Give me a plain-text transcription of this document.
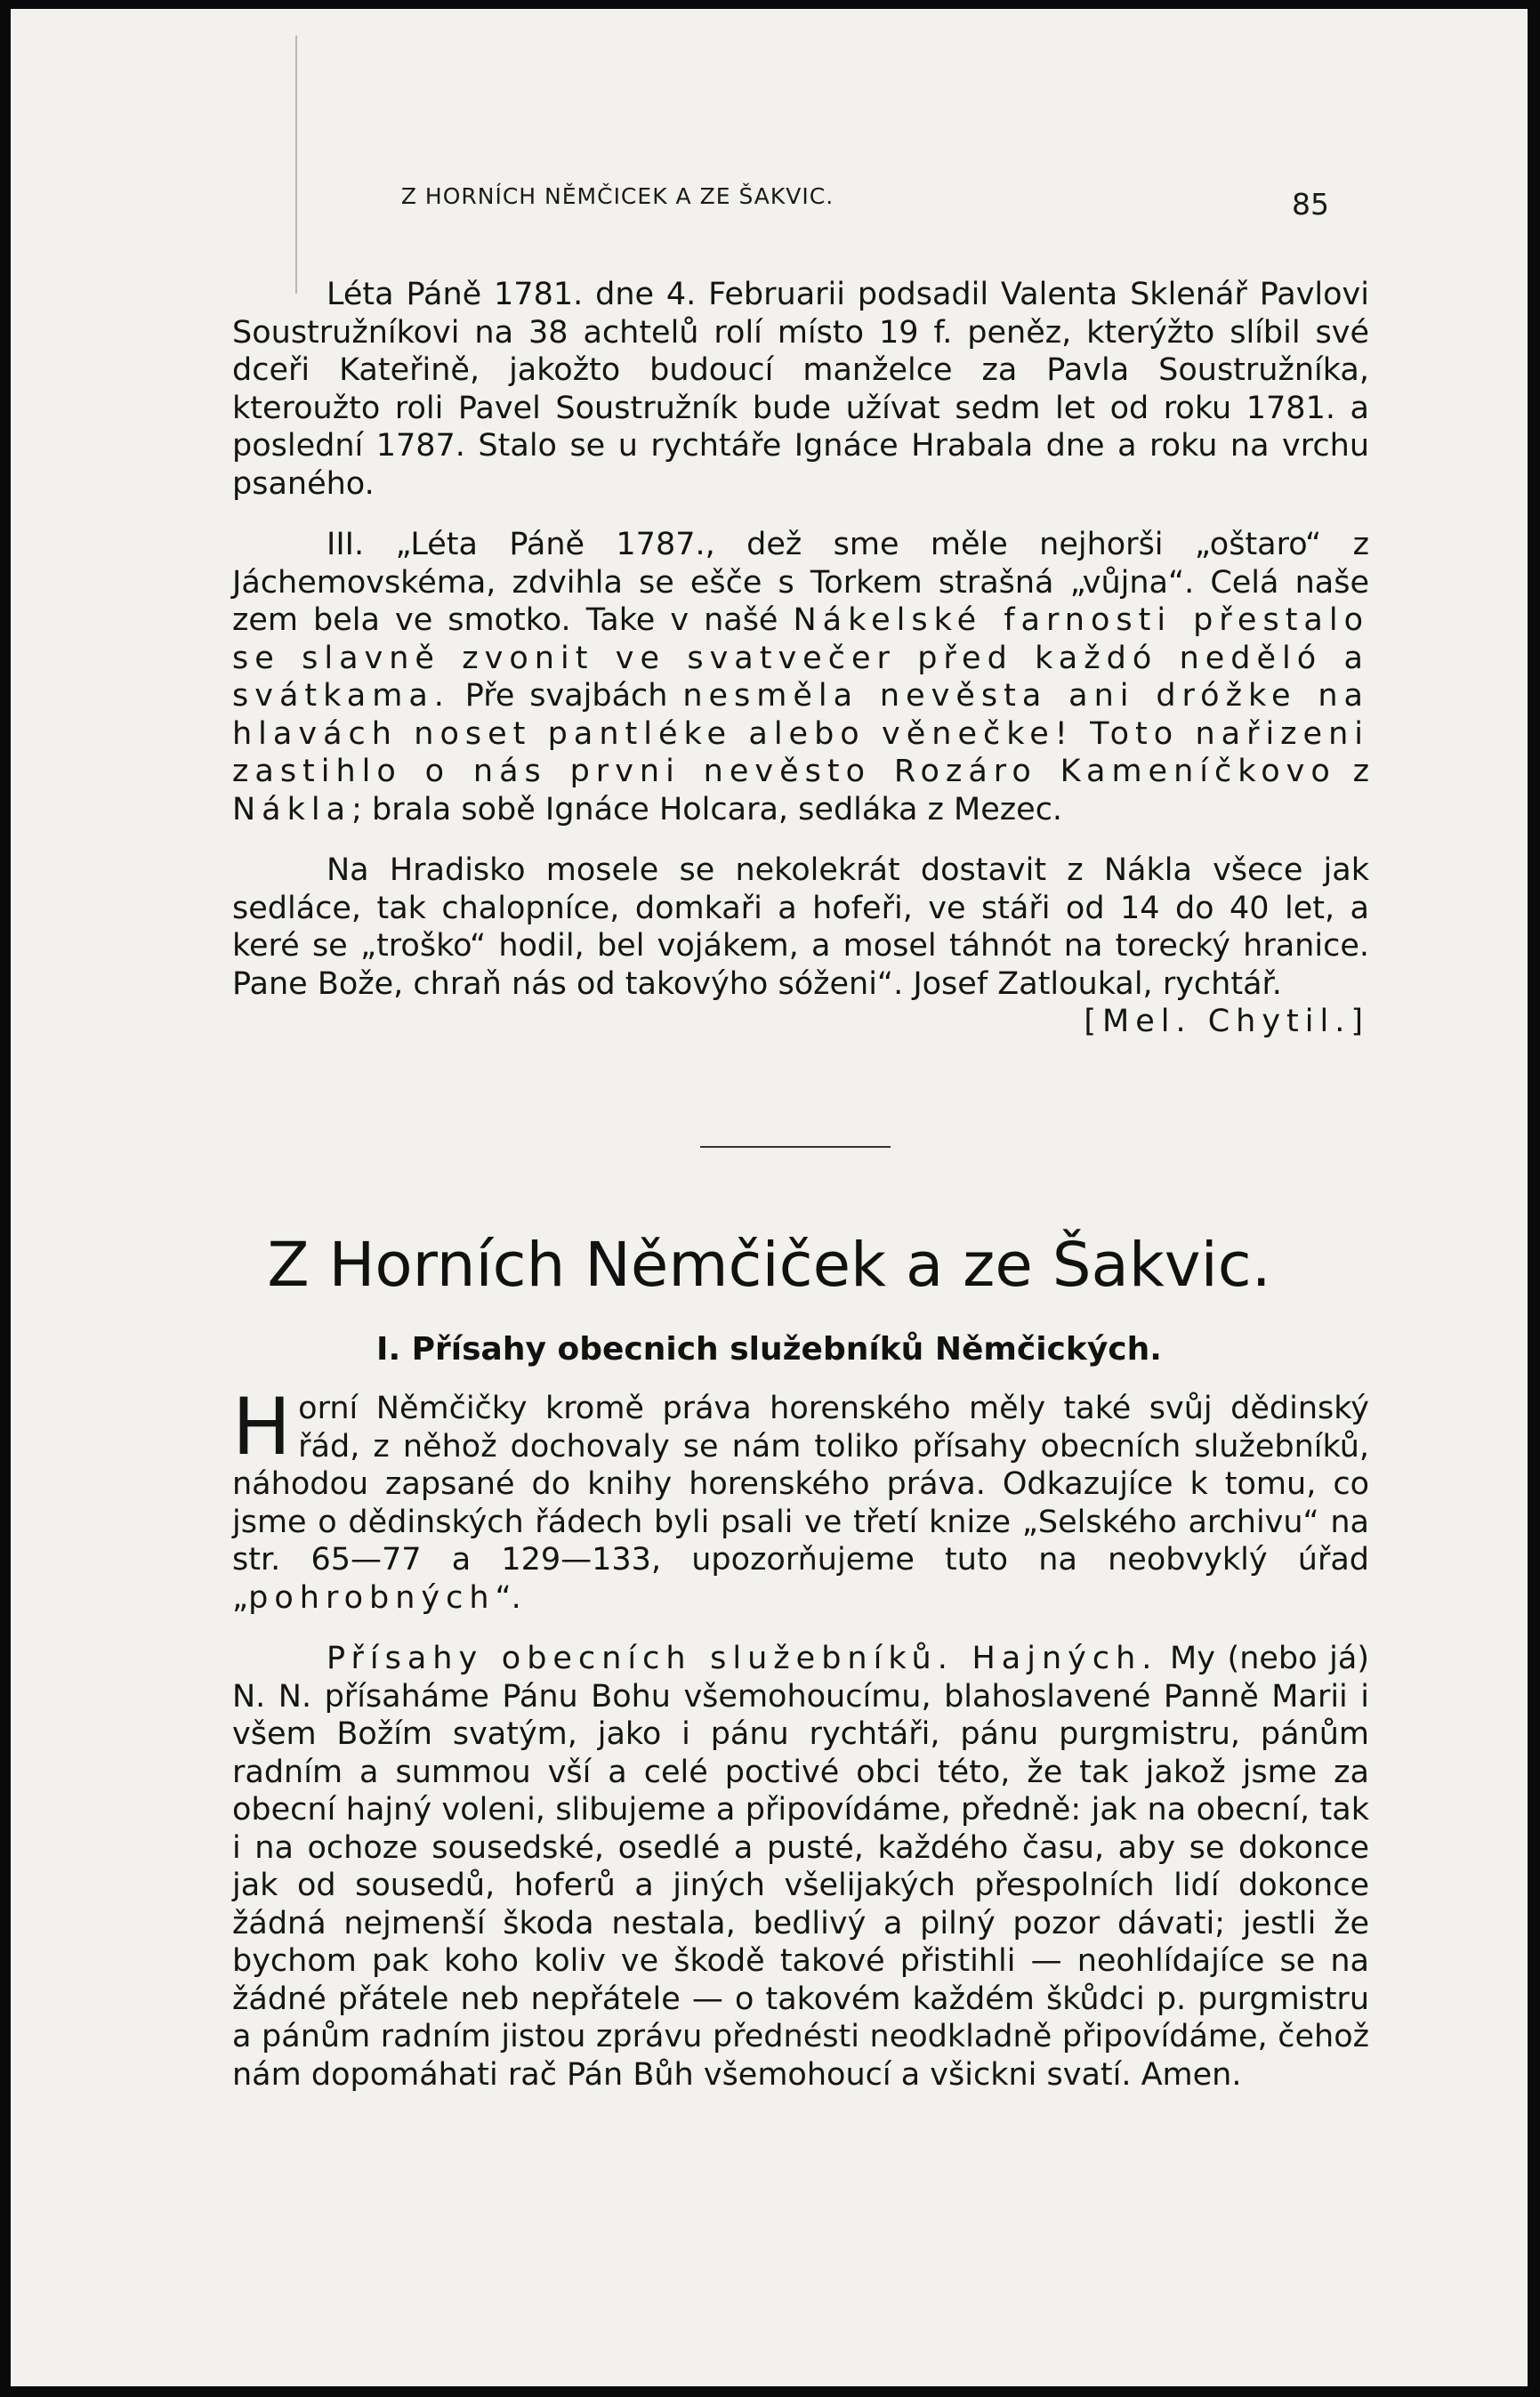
Z HORNÍCH NĚMČICEK A ZE ŠAKVIC.	85

Léta Páně 1781. dne 4. Februarii podsadil Valenta Sklenář Pavlovi Soustružníkovi na 38 achtelů rolí místo 19 f. peněz, kterýžto slíbil své dceři Kateřině, jakožto budoucí manželce za Pavla Soustružníka, kteroužto roli Pavel Soustružník bude užívat sedm let od roku 1781. a poslední 1787. Stalo se u rychtáře Ignáce Hrabala dne a roku na vrchu psaného.

III. „Léta Páně 1787., dež sme měle nejhorši „oštaro“ z Jáchemovskéma, zdvihla se ešče s Torkem strašná „vůjna“. Celá naše zem bela ve smotko. Take v našé Nákelské farnosti přestalo se slavně zvonit ve svatvečer před každó neděló a svátkama. Pře svajbách nesměla nevěsta ani dróžke na hlavách noset pantléke alebo věnečke! Toto nařizeni zastihlo o nás prvni nevěsto Rozáro Kameníčkovo z Nákla; brala sobě Ignáce Holcara, sedláka z Mezec.

Na Hradisko mosele se nekolekrát dostavit z Nákla všece jak sedláce, tak chalopníce, domkaři a hofeři, ve stáři od 14 do 40 let, a keré se „troško“ hodil, bel vojákem, a mosel táhnót na torecký hranice. Pane Bože, chraň nás od takovýho sóženi“. Josef Zatloukal, rychtář.
[Mel. Chytil.]

Z Horních Němčiček a ze Šakvic.
I. Přísahy obecnich služebníků Němčických.

Horní Němčičky kromě práva horenského měly také svůj dědinský řád, z něhož dochovaly se nám toliko přísahy obecních služebníků, náhodou zapsané do knihy horenského práva. Odkazujíce k tomu, co jsme o dědinských řádech byli psali ve třetí knize „Selského archivu“ na str. 65—77 a 129—133, upozorňujeme tuto na neobvyklý úřad „pohrobných“.

Přísahy obecních služebníků. Hajných. My (nebo já) N. N. přísaháme Pánu Bohu všemohoucímu, blahoslavené Panně Marii i všem Božím svatým, jako i pánu rychtáři, pánu purgmistru, pánům radním a summou vší a celé poctivé obci této, že tak jakož jsme za obecní hajný voleni, slibujeme a připovídáme, předně: jak na obecní, tak i na ochoze sousedské, osedlé a pusté, každého času, aby se dokonce jak od sousedů, hoferů a jiných všelijakých přespolních lidí dokonce žádná nejmenší škoda nestala, bedlivý a pilný pozor dávati; jestli že bychom pak koho koliv ve škodě takové přistihli — neohlídajíce se na žádné přátele neb nepřátele — o takovém každém škůdci p. purgmistru a pánům radním jistou zprávu přednésti neodkladně připovídáme, čehož nám dopomáhati rač Pán Bůh všemohoucí a všickni svatí. Amen.
